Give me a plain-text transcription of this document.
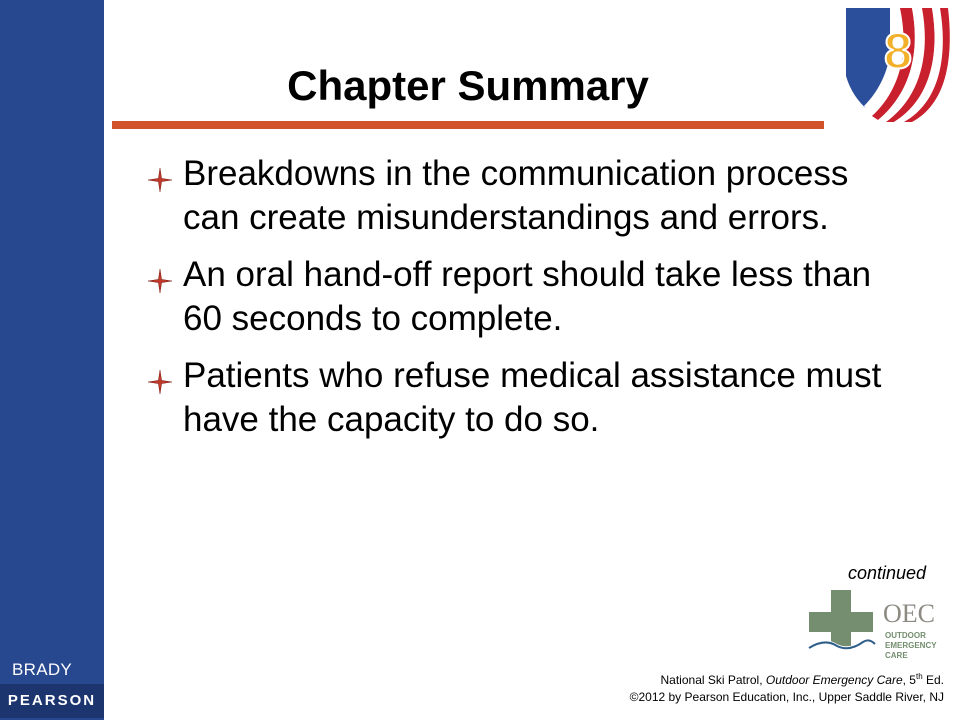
BRADY
PEARSON
Chapter Summary
8
Breakdowns in the communication process can create misunderstandings and errors.
An oral hand-off report should take less than 60 seconds to complete.
Patients who refuse medical assistance must have the capacity to do so.
continued
OEC
OUTDOOR
EMERGENCY
CARE
National Ski Patrol, Outdoor Emergency Care, 5th Ed.
©2012 by Pearson Education, Inc., Upper Saddle River, NJ
